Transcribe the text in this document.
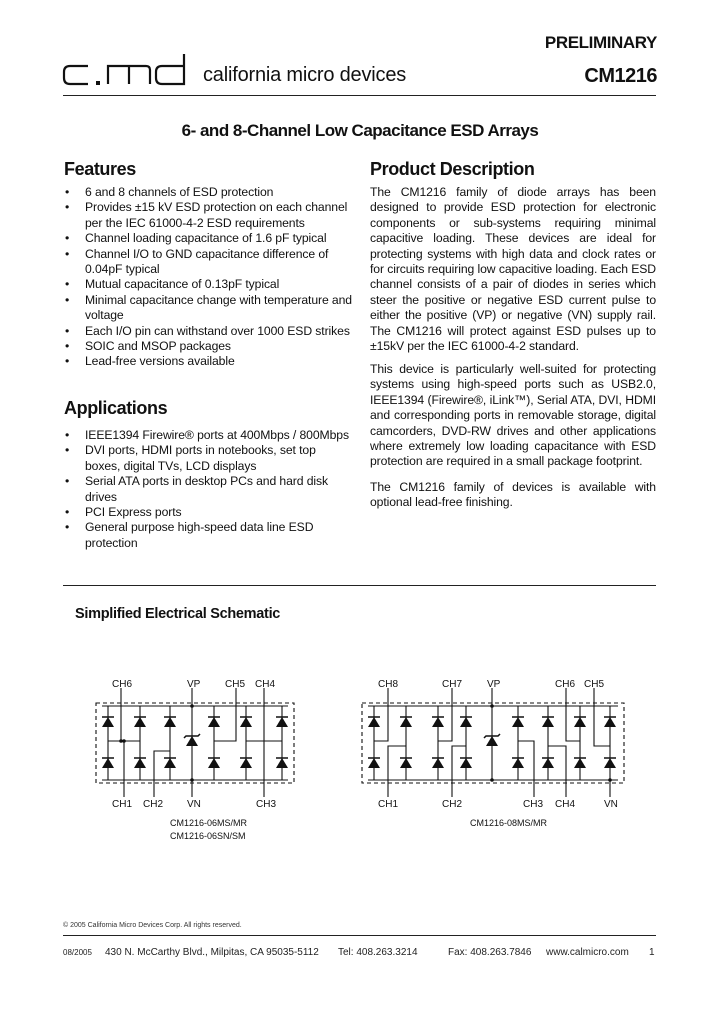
california micro devices
PRELIMINARY
CM1216
6- and 8-Channel Low Capacitance ESD Arrays
Features
• 6 and 8 channels of ESD protection
• Provides ±15 kV ESD protection on each channel per the IEC 61000-4-2 ESD requirements
• Channel loading capacitance of 1.6 pF typical
• Channel I/O to GND capacitance difference of 0.04pF typical
• Mutual capacitance of 0.13pF typical
• Minimal capacitance change with temperature and voltage
• Each I/O pin can withstand over 1000 ESD strikes
• SOIC and MSOP packages
• Lead-free versions available
Applications
• IEEE1394 Firewire® ports at 400Mbps / 800Mbps
• DVI ports, HDMI ports in notebooks, set top boxes, digital TVs, LCD displays
• Serial ATA ports in desktop PCs and hard disk drives
• PCI Express ports
• General purpose high-speed data line ESD protection
Product Description

The CM1216 family of diode arrays has been designed to provide ESD protection for electronic components or sub-systems requiring minimal capacitive loading. These devices are ideal for protecting systems with high data and clock rates or for circuits requiring low capacitive loading. Each ESD channel consists of a pair of diodes in series which steer the positive or negative ESD current pulse to either the positive (VP) or negative (VN) supply rail. The CM1216 will protect against ESD pulses up to ±15kV per the IEC 61000-4-2 standard.

This device is particularly well-suited for protecting systems using high-speed ports such as USB2.0, IEEE1394 (Firewire®, iLink™), Serial ATA, DVI, HDMI and corresponding ports in removable storage, digital camcorders, DVD-RW drives and other applications where extremely low loading capacitance with ESD protection are required in a small package footprint.

The CM1216 family of devices is available with optional lead-free finishing.

Simplified Electrical Schematic
CH6	VP CH5 CH4
CH1 CH2 VN	CH3
CM1216-06MS/MR
CM1216-06SN/SM
CH8	CH7 VP	CH6 CH5
CH1	CH2	CH3 CH4	VN
CM1216-08MS/MR
© 2005 California Micro Devices Corp. All rights reserved.
08/2005 430 N. McCarthy Blvd., Milpitas, CA 95035-5112 Tel: 408.263.3214	Fax: 408.263.7846 www.calmicro.com 1
